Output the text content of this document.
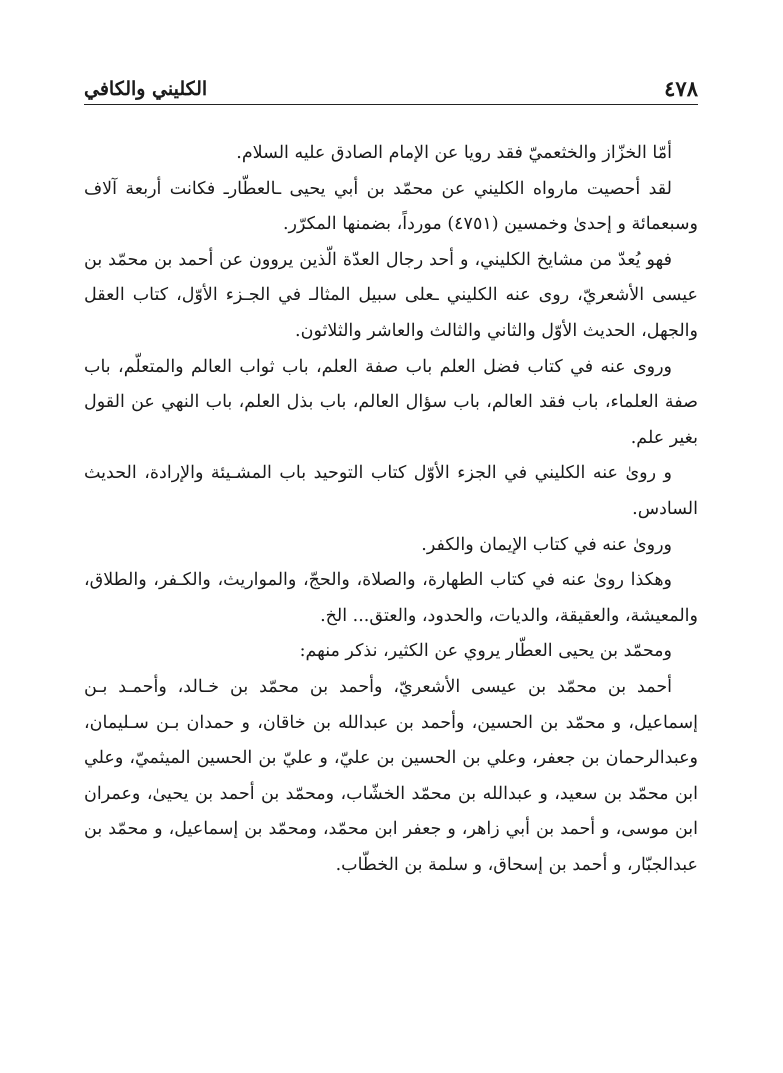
٤٧٨
الكليني والكافي

أمّا الخزّاز والخثعميّ فقد رويا عن الإمام الصادق عليه السلام.

لقد أحصيت مارواه الكليني عن محمّد بن أبي يحيى ـالعطّارـ فكانت أربعة آلاف وسبعمائة و إحدىٰ وخمسين (٤٧٥١) مورداً، بضمنها المكرّر.

فهو يُعدّ من مشايخ الكليني، و أحد رجال العدّة الّذين يروون عن أحمد بن محمّد بن عيسى الأشعريّ، روى عنه الكليني ـعلى سبيل المثالـ في الجـزء الأوّل، كتاب العقل والجهل، الحديث الأوّل والثاني والثالث والعاشر والثلاثون.

وروى عنه في كتاب فضل العلم باب صفة العلم، باب ثواب العالم والمتعلّم، باب صفة العلماء، باب فقد العالم، باب سؤال العالم، باب بذل العلم، باب النهي عن القول بغير علم.

و روىٰ عنه الكليني في الجزء الأوّل كتاب التوحيد باب المشـيئة والإرادة، الحديث السادس.

وروىٰ عنه في كتاب الإيمان والكفر.

وهكذا روىٰ عنه في كتاب الطهارة، والصلاة، والحجّ، والمواريث، والكـفر، والطلاق، والمعيشة، والعقيقة، والديات، والحدود، والعتق... الخ.

ومحمّد بن يحيى العطّار يروي عن الكثير، نذكر منهم:

أحمد بن محمّد بن عيسى الأشعريّ، وأحمد بن محمّد بن خـالد، وأحمـد بـن إسماعيل، و محمّد بن الحسين، وأحمد بن عبدالله بن خاقان، و حمدان بـن سـليمان، وعبدالرحمان بن جعفر، وعلي بن الحسين بن عليّ، و عليّ بن الحسين الميثميّ، وعلي ابن محمّد بن سعيد، و عبدالله بن محمّد الخشّاب، ومحمّد بن أحمد بن يحيىٰ، وعمران ابن موسى، و أحمد بن أبي زاهر، و جعفر ابن محمّد، ومحمّد بن إسماعيل، و محمّد بن عبدالجبّار، و أحمد بن إسحاق، و سلمة بن الخطّاب.
